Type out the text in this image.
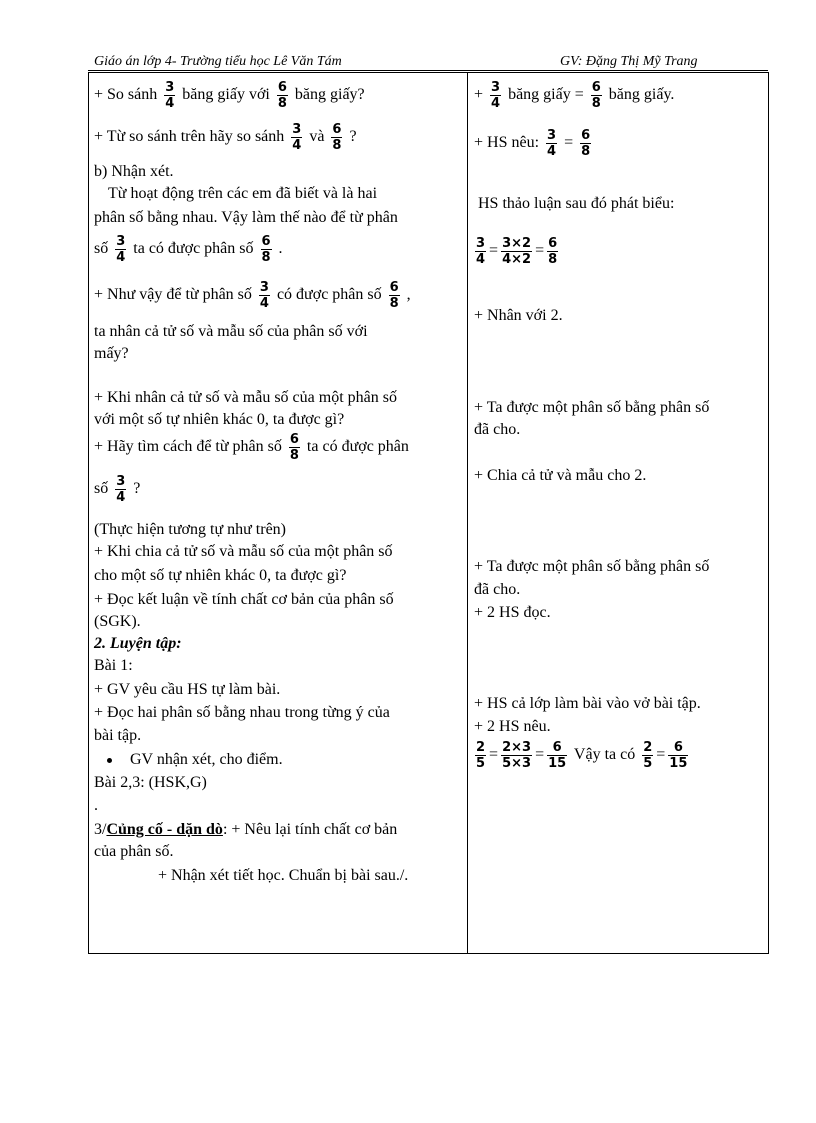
Giáo án lớp 4- Trường tiểu học Lê Văn Tám	GV: Đặng Thị Mỹ Trang
+ So sánh $\frac{3}{4}$ băng giấy với $\frac{6}{8}$ băng giấy?
+ Từ so sánh trên hãy so sánh $\frac{3}{4}$ và $\frac{6}{8}$ ?
b) Nhận xét.
Từ hoạt động trên các em đã biết và là hai
phân số bằng nhau. Vậy làm thế nào để từ phân
số $\frac{3}{4}$ ta có được phân số $\frac{6}{8}$ .
+ Như vậy để từ phân số $\frac{3}{4}$ có được phân số $\frac{6}{8}$ ,
ta nhân cả tử số và mẫu số của phân số với
mấy?
+ Khi nhân cả tử số và mẫu số của một phân số
với một số tự nhiên khác 0, ta được gì?
+ Hãy tìm cách để từ phân số $\frac{6}{8}$ ta có được phân
số $\frac{3}{4}$ ?
(Thực hiện tương tự như trên)
+ Khi chia cả tử số và mẫu số của một phân số
cho một số tự nhiên khác 0, ta được gì?
+ Đọc kết luận về tính chất cơ bản của phân số
(SGK).
2. Luyện tập:
Bài 1:
+ GV yêu cầu HS tự làm bài.
+ Đọc hai phân số bằng nhau trong từng ý của
bài tập.
GV nhận xét, cho điểm.
Bài 2,3: (HSK,G)
.
3/Củng cố - dặn dò: + Nêu lại tính chất cơ bản
của phân số.
+ Nhận xét tiết học. Chuẩn bị bài sau./.
+ $\frac{3}{4}$ băng giấy = $\frac{6}{8}$ băng giấy.
+ HS nêu: $\frac{3}{4} = \frac{6}{8}$
HS thảo luận sau đó phát biểu:
$\frac{3}{4} = \frac{3\times 2}{4\times 2} = \frac{6}{8}$
+ Nhân với 2.
+ Ta được một phân số bằng phân số
đã cho.
+ Chia cả tử và mẫu cho 2.
+ Ta được một phân số bằng phân số
đã cho.
+ 2 HS đọc.
+ HS cả lớp làm bài vào vở bài tập.
+ 2 HS nêu.
$\frac{2}{5} = \frac{2\times 3}{5\times 3} = \frac{6}{15}$ Vậy ta có $\frac{2}{5} = \frac{6}{15}$
